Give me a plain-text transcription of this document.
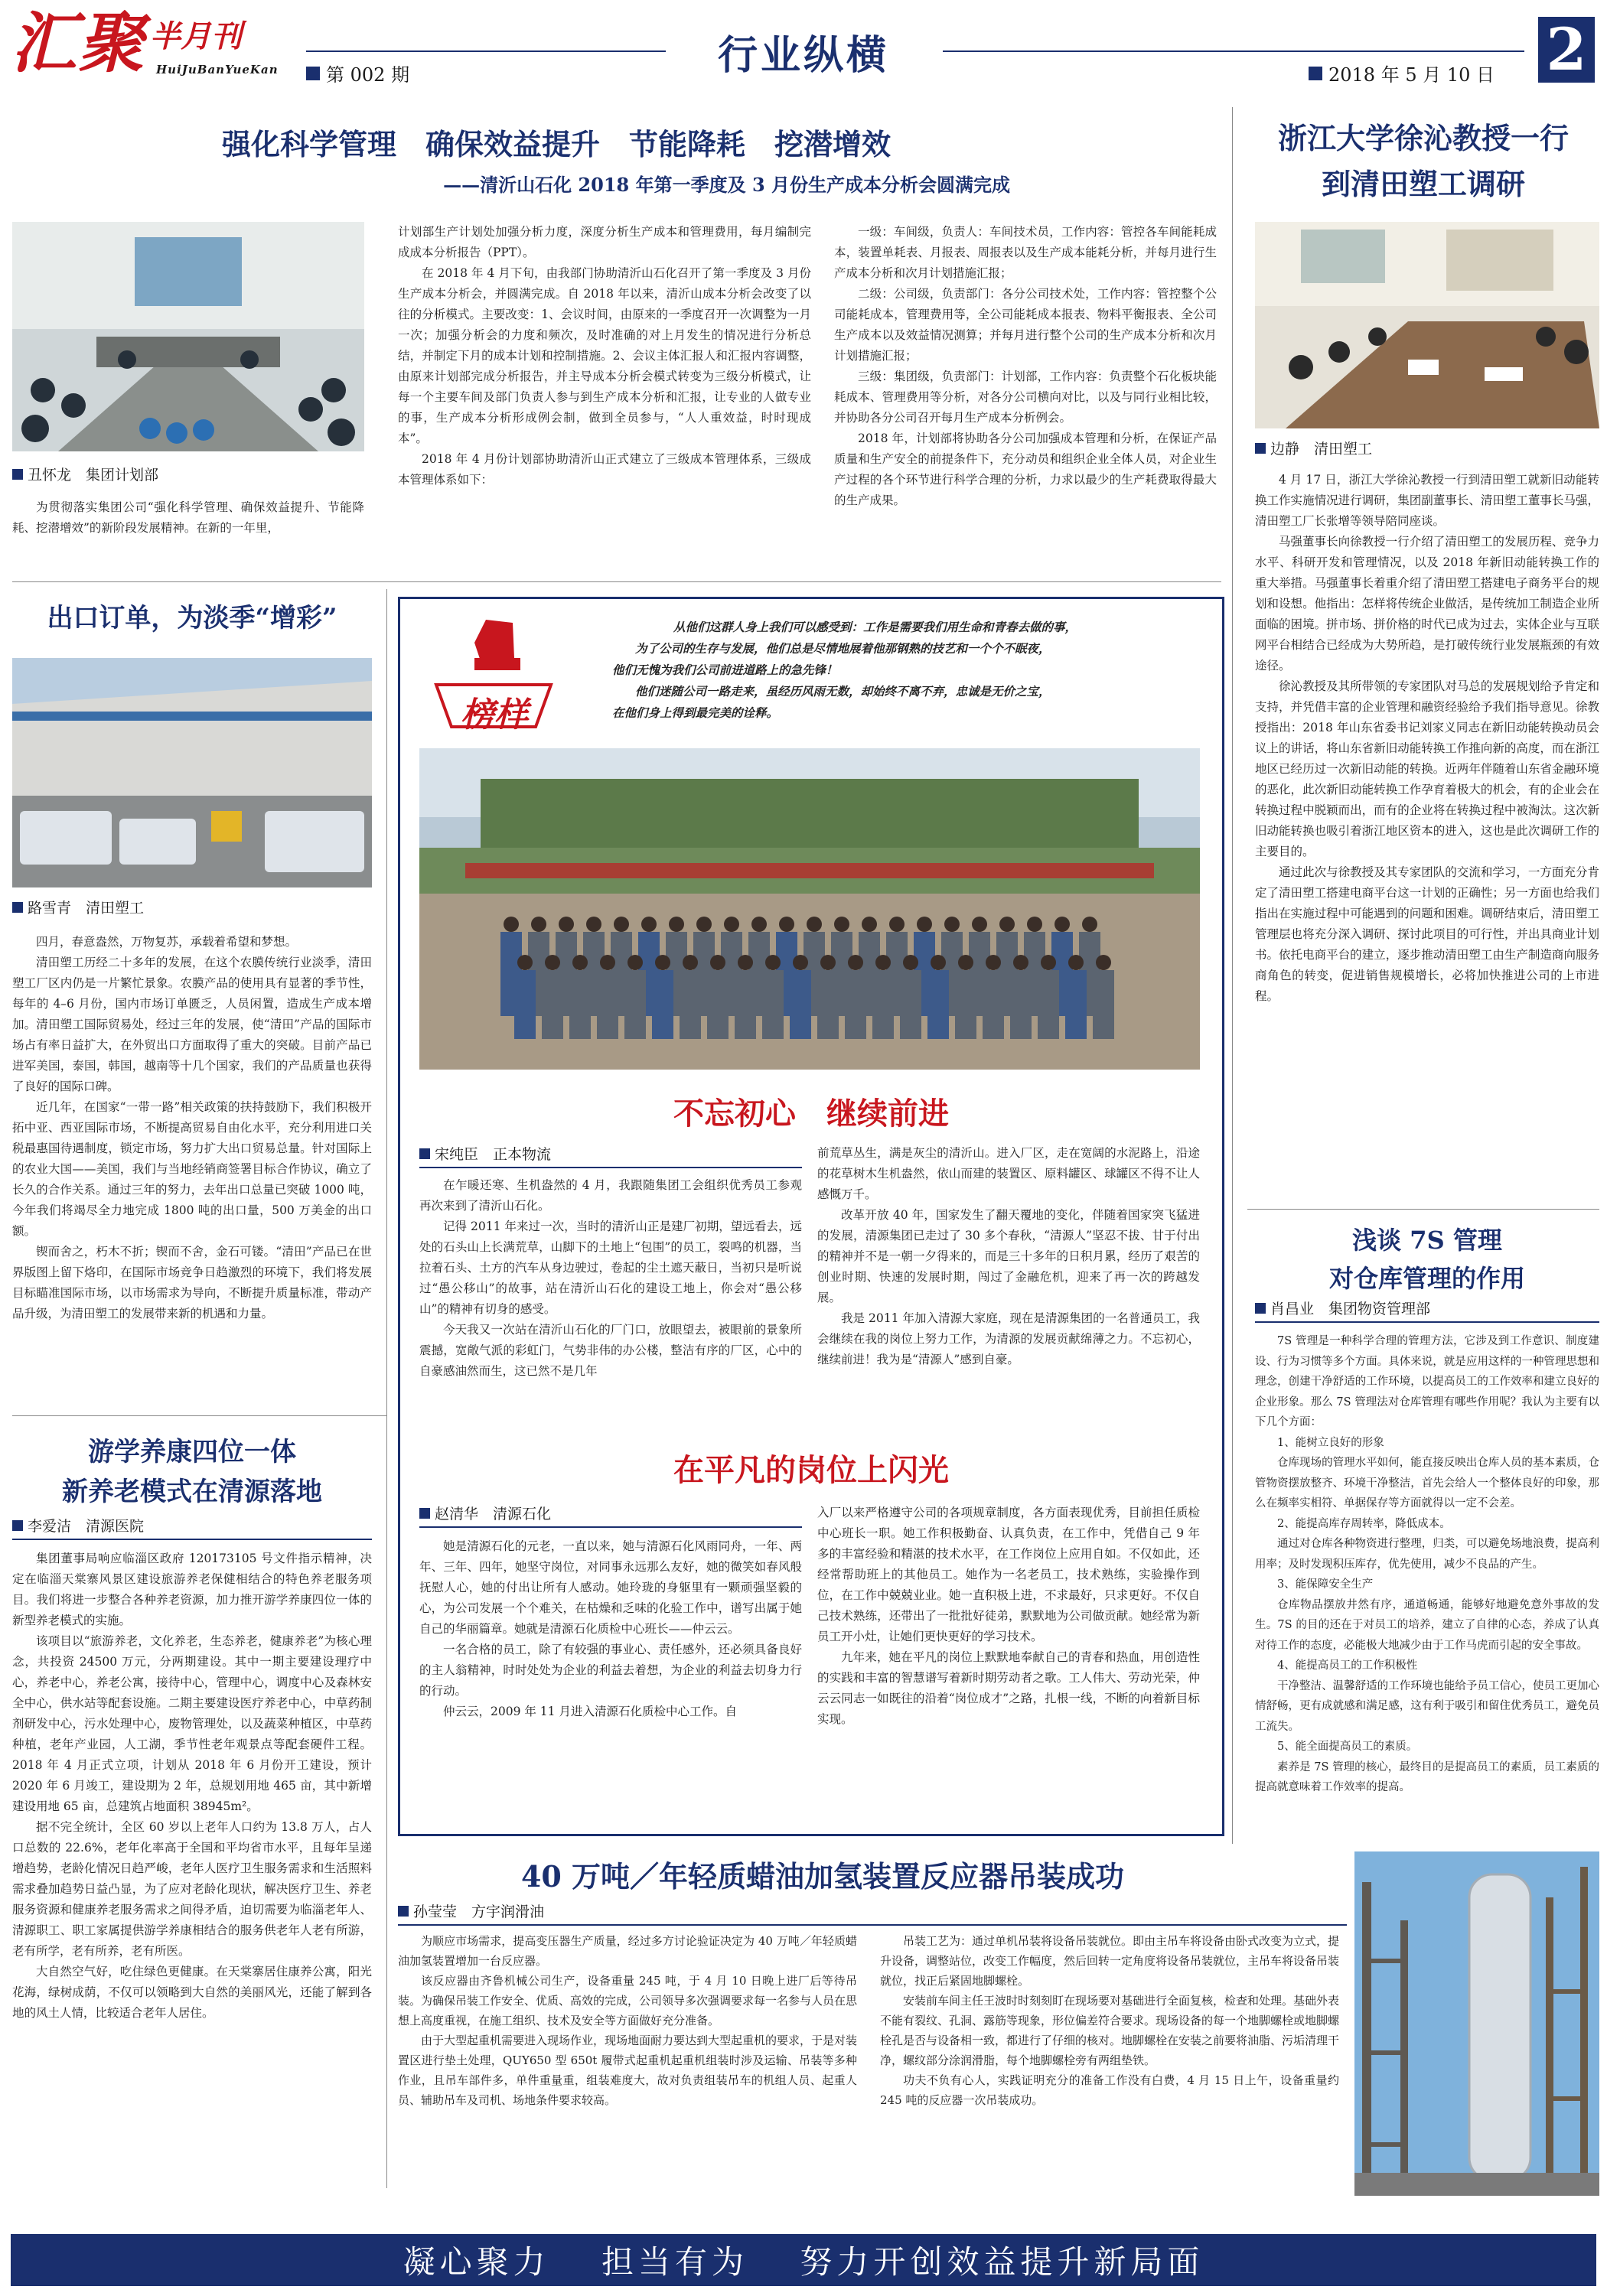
汇聚 半月刊
HuiJuBanYueKan	第 002 期	行业纵横	2018 年 5 月 10 日 2
强化科学管理　确保效益提升　节能降耗　挖潜增效
——清沂山石化 2018 年第一季度及 3 月份生产成本分析会圆满完成
丑怀龙　集团计划部

为贯彻落实集团公司“强化科学管理、确保效益提升、节能降耗、挖潜增效”的新阶段发展精神。在新的一年里，

计划部生产计划处加强分析力度，深度分析生产成本和管理费用，每月编制完成成本分析报告（PPT）。

在 2018 年 4 月下旬，由我部门协助清沂山石化召开了第一季度及 3 月份生产成本分析会，并圆满完成。自 2018 年以来，清沂山成本分析会改变了以往的分析模式。主要改变：1、会议时间，由原来的一季度召开一次调整为一月一次；加强分析会的力度和频次，及时准确的对上月发生的情况进行分析总结，并制定下月的成本计划和控制措施。2、会议主体汇报人和汇报内容调整，由原来计划部完成分析报告，并主导成本分析会模式转变为三级分析模式，让每一个主要车间及部门负责人参与到生产成本分析和汇报，让专业的人做专业的事，生产成本分析形成例会制，做到全员参与，“人人重效益，时时现成本”。

2018 年 4 月份计划部协助清沂山正式建立了三级成本管理体系，三级成本管理体系如下：

一级：车间级，负责人：车间技术员，工作内容：管控各车间能耗成本，装置单耗表、月报表、周报表以及生产成本能耗分析，并每月进行生产成本分析和次月计划措施汇报；

二级：公司级，负责部门：各分公司技术处，工作内容：管控整个公司能耗成本，管理费用等，全公司能耗成本报表、物料平衡报表、全公司生产成本以及效益情况测算；并每月进行整个公司的生产成本分析和次月计划措施汇报；

三级：集团级，负责部门：计划部，工作内容：负责整个石化板块能耗成本、管理费用等分析，对各分公司横向对比，以及与同行业相比较，并协助各分公司召开每月生产成本分析例会。

2018 年，计划部将协助各分公司加强成本管理和分析，在保证产品质量和生产安全的前提条件下，充分动员和组织企业全体人员，对企业生产过程的各个环节进行科学合理的分析，力求以最少的生产耗费取得最大的生产成果。

浙江大学徐沁教授一行
到清田塑工调研
边静　清田塑工

4 月 17 日，浙江大学徐沁教授一行到清田塑工就新旧动能转换工作实施情况进行调研，集团副董事长、清田塑工董事长马强，清田塑工厂长张增等领导陪同座谈。

马强董事长向徐教授一行介绍了清田塑工的发展历程、竞争力水平、科研开发和管理情况，以及 2018 年新旧动能转换工作的重大举措。马强董事长着重介绍了清田塑工搭建电子商务平台的规划和设想。他指出：怎样将传统企业做活，是传统加工制造企业所面临的困境。拼市场、拼价格的时代已成为过去，实体企业与互联网平台相结合已经成为大势所趋，是打破传统行业发展瓶颈的有效途径。

徐沁教授及其所带领的专家团队对马总的发展规划给予肯定和支持，并凭借丰富的企业管理和融资经验给予我们指导意见。徐教授指出：2018 年山东省委书记刘家义同志在新旧动能转换动员会议上的讲话，将山东省新旧动能转换工作推向新的高度，而在浙江地区已经历过一次新旧动能的转换。近两年伴随着山东省金融环境的恶化，此次新旧动能转换工作孕育着极大的机会，有的企业会在转换过程中脱颖而出，而有的企业将在转换过程中被淘汰。这次新旧动能转换也吸引着浙江地区资本的进入，这也是此次调研工作的主要目的。

通过此次与徐教授及其专家团队的交流和学习，一方面充分肯定了清田塑工搭建电商平台这一计划的正确性；另一方面也给我们指出在实施过程中可能遇到的问题和困难。调研结束后，清田塑工管理层也将充分深入调研、探讨此项目的可行性，并出具商业计划书。依托电商平台的建立，逐步推动清田塑工由生产制造商向服务商角色的转变，促进销售规模增长，必将加快推进公司的上市进程。

浅谈 7S 管理
对仓库管理的作用
肖昌业　集团物资管理部

7S 管理是一种科学合理的管理方法，它涉及到工作意识、制度建设、行为习惯等多个方面。具体来说，就是应用这样的一种管理思想和理念，创建干净舒适的工作环境，以提高员工的工作效率和建立良好的企业形象。那么 7S 管理法对仓库管理有哪些作用呢？我认为主要有以下几个方面：

1、能树立良好的形象

仓库现场的管理水平如何，能直接反映出仓库人员的基本素质，仓管物资摆放整齐、环境干净整洁，首先会给人一个整体良好的印象，那么在频率实相符、单据保存等方面就得以一定不会差。

2、能提高库存周转率，降低成本。

通过对仓库各种物资进行整理，归类，可以避免场地浪费，提高利用率；及时发现积压库存，优先使用，减少不良品的产生。

3、能保障安全生产

仓库物品摆放井然有序，通道畅通，能够好地避免意外事故的发生。7S 的目的还在于对员工的培养，建立了自律的心态，养成了认真对待工作的态度，必能极大地减少由于工作马虎而引起的安全事故。

4、能提高员工的工作积极性

干净整洁、温馨舒适的工作环境也能给予员工信心，使员工更加心情舒畅，更有成就感和满足感，这有利于吸引和留住优秀员工，避免员工流失。

5、能全面提高员工的素质。

素养是 7S 管理的核心，最终目的是提高员工的素质，员工素质的提高就意味着工作效率的提高。

出口订单，为淡季“增彩”
路雪青　清田塑工

四月，春意盎然，万物复苏，承载着希望和梦想。

清田塑工历经二十多年的发展，在这个农膜传统行业淡季，清田塑工厂区内仍是一片繁忙景象。农膜产品的使用具有显著的季节性，每年的 4–6 月份，国内市场订单匮乏，人员闲置，造成生产成本增加。清田塑工国际贸易处，经过三年的发展，使“清田”产品的国际市场占有率日益扩大，在外贸出口方面取得了重大的突破。目前产品已进军美国，泰国，韩国，越南等十几个国家，我们的产品质量也获得了良好的国际口碑。

近几年，在国家“一带一路”相关政策的扶持鼓励下，我们积极开拓中亚、西亚国际市场，不断提高贸易自由化水平，充分利用进口关税最惠国待遇制度，锁定市场，努力扩大出口贸易总量。针对国际上的农业大国——美国，我们与当地经销商签署目标合作协议，确立了长久的合作关系。通过三年的努力，去年出口总量已突破 1000 吨，今年我们将竭尽全力地完成 1800 吨的出口量，500 万美金的出口额。

锲而舍之，朽木不折；锲而不舍，金石可镂。“清田”产品已在世界版图上留下烙印，在国际市场竞争日趋激烈的环境下，我们将发展目标瞄准国际市场，以市场需求为导向，不断提升质量标准，带动产品升级，为清田塑工的发展带来新的机遇和力量。

游学养康四位一体
新养老模式在清源落地
李爱洁　清源医院

集团董事局响应临淄区政府 120173105 号文件指示精神，决定在临淄天棠寨风景区建设旅游养老保健相结合的特色养老服务项目。我们将进一步整合各种养老资源，加力推开游学养康四位一体的新型养老模式的实施。

该项目以“旅游养老，文化养老，生态养老，健康养老”为核心理念，共投资 24500 万元，分两期建设。其中一期主要建设理疗中心，养老中心，养老公寓，接待中心，管理中心，调度中心及森林安全中心，供水站等配套设施。二期主要建设医疗养老中心，中草药制剂研发中心，污水处理中心，废物管理处，以及蔬菜种植区，中草药种植，老年产业园，人工湖，季节性老年观景点等配套硬件工程。2018 年 4 月正式立项，计划从 2018 年 6 月份开工建设，预计 2020 年 6 月竣工，建设期为 2 年，总规划用地 465 亩，其中新增建设用地 65 亩，总建筑占地面积 38945m²。

据不完全统计，全区 60 岁以上老年人口约为 13.8 万人，占人口总数的 22.6%，老年化率高于全国和平均省市水平，且每年呈递增趋势，老龄化情况日趋严峻，老年人医疗卫生服务需求和生活照料需求叠加趋势日益凸显，为了应对老龄化现状，解决医疗卫生、养老服务资源和健康养老服务需求之间得矛盾，迫切需要为临淄老年人、清源职工、职工家属提供游学养康相结合的服务供老年人老有所游，老有所学，老有所养，老有所医。

大自然空气好，吃住绿色更健康。在天棠寨居住康养公寓，阳光花海，绿树成荫，不仅可以领略到大自然的美丽风光，还能了解到各地的风土人情，比较适合老年人居住。

榜样
从他们这群人身上我们可以感受到：工作是需要我们用生命和青春去做的事，
为了公司的生存与发展，他们总是尽情地展着他那钢熟的技艺和一个个不眠夜，
他们无愧为我们公司前进道路上的急先锋！
他们迷随公司一路走来，虽经历风雨无数，却始终不离不弃，忠诚是无价之宝，
在他们身上得到最完美的诠释。
不忘初心　继续前进
宋纯臣　正本物流

在乍暖还寒、生机盎然的 4 月，我跟随集团工会组织优秀员工参观再次来到了清沂山石化。

记得 2011 年来过一次，当时的清沂山正是建厂初期，望远看去，远处的石头山上长满荒草，山脚下的土地上“包围”的员工，裂鸣的机器，当拉着石头、土方的汽车从身边驶过，卷起的尘土遮天蔽日，当初只是听说过“愚公移山”的故事，站在清沂山石化的建设工地上，你会对“愚公移山”的精神有切身的感受。

今天我又一次站在清沂山石化的厂门口，放眼望去，被眼前的景象所震撼，宽敞气派的彩虹门，气势非伟的办公楼，整洁有序的厂区，心中的自豪感油然而生，这已然不是几年

前荒草丛生，满是灰尘的清沂山。进入厂区，走在宽阔的水泥路上，沿途的花草树木生机盎然，依山而建的装置区、原料罐区、球罐区不得不让人感慨万千。

改革开放 40 年，国家发生了翻天覆地的变化，伴随着国家突飞猛进的发展，清源集团已走过了 30 多个春秋，“清源人”坚忍不拔、甘于付出的精神并不是一朝一夕得来的，而是三十多年的日积月累，经历了艰苦的创业时期、快速的发展时期，闯过了金融危机，迎来了再一次的跨越发展。

我是 2011 年加入清源大家庭，现在是清源集团的一名普通员工，我会继续在我的岗位上努力工作，为清源的发展贡献绵薄之力。不忘初心，继续前进！我为是“清源人”感到自豪。

在平凡的岗位上闪光
赵清华　清源石化

她是清源石化的元老，一直以来，她与清源石化风雨同舟，一年、两年、三年、四年，她坚守岗位，对同事永远那么友好，她的微笑如春风般抚慰人心，她的付出让所有人感动。她玲珑的身躯里有一颗顽强坚毅的心，为公司发展一个个难关，在枯燥和乏味的化验工作中，谱写出属于她自己的华丽篇章。她就是清源石化质检中心班长——仲云云。

一名合格的员工，除了有较强的事业心、责任感外，还必须具备良好的主人翁精神，时时处处为企业的利益去着想，为企业的利益去切身力行的行动。

仲云云，2009 年 11 月进入清源石化质检中心工作。自

入厂以来严格遵守公司的各项规章制度，各方面表现优秀，目前担任质检中心班长一职。她工作积极勤奋、认真负责，在工作中，凭借自己 9 年多的丰富经验和精湛的技术水平，在工作岗位上应用自如。不仅如此，还经常帮助班上的其他员工。她作为一名老员工，技术熟练，实验操作到位，在工作中兢兢业业。她一直积极上进，不求最好，只求更好。不仅自己技术熟练，还带出了一批批好徒弟，默默地为公司做贡献。她经常为新员工开小灶，让她们更快更好的学习技术。

九年来，她在平凡的岗位上默默地奉献自己的青春和热血，用创造性的实践和丰富的智慧谱写着新时期劳动者之歌。工人伟大、劳动光荣，仲云云同志一如既往的沿着“岗位成才”之路，扎根一线，不断的向着新目标实现。

40 万吨／年轻质蜡油加氢装置反应器吊装成功
孙莹莹　方宇润滑油

为顺应市场需求，提高变压器生产质量，经过多方讨论验证决定为 40 万吨／年轻质蜡油加氢装置增加一台反应器。

该反应器由齐鲁机械公司生产，设备重量 245 吨，于 4 月 10 日晚上进厂后等待吊装。为确保吊装工作安全、优质、高效的完成，公司领导多次强调要求每一名参与人员在思想上高度重视，在施工组织、技术及安全等方面做好充分准备。

由于大型起重机需要进入现场作业，现场地面耐力要达到大型起重机的要求，于是对装置区进行垫土处理，QUY650 型 650t 履带式起重机起重机组装时涉及运输、吊装等多种作业，且吊车部件多，单件重量重，组装难度大，故对负责组装吊车的机组人员、起重人员、辅助吊车及司机、场地条件要求较高。

吊装工艺为：通过单机吊装将设备吊装就位。即由主吊车将设备由卧式改变为立式，提升设备，调整站位，改变工作幅度，然后回转一定角度将设备吊装就位，主吊车将设备吊装就位，找正后紧固地脚螺栓。

安装前车间主任王波时时刻刻盯在现场要对基础进行全面复核，检查和处理。基础外表不能有裂纹、孔洞、露筋等现象，形位偏差符合要求。现场设备的每一个地脚螺栓或地脚螺栓孔是否与设备相一致，都进行了仔细的核对。地脚螺栓在安装之前要将油脂、污垢清理干净，螺纹部分涂润滑脂，每个地脚螺栓旁有两组垫铁。

功夫不负有心人，实践证明充分的准备工作没有白费，4 月 15 日上午，设备重量约 245 吨的反应器一次吊装成功。

凝心聚力　 担当有为　 努力开创效益提升新局面
